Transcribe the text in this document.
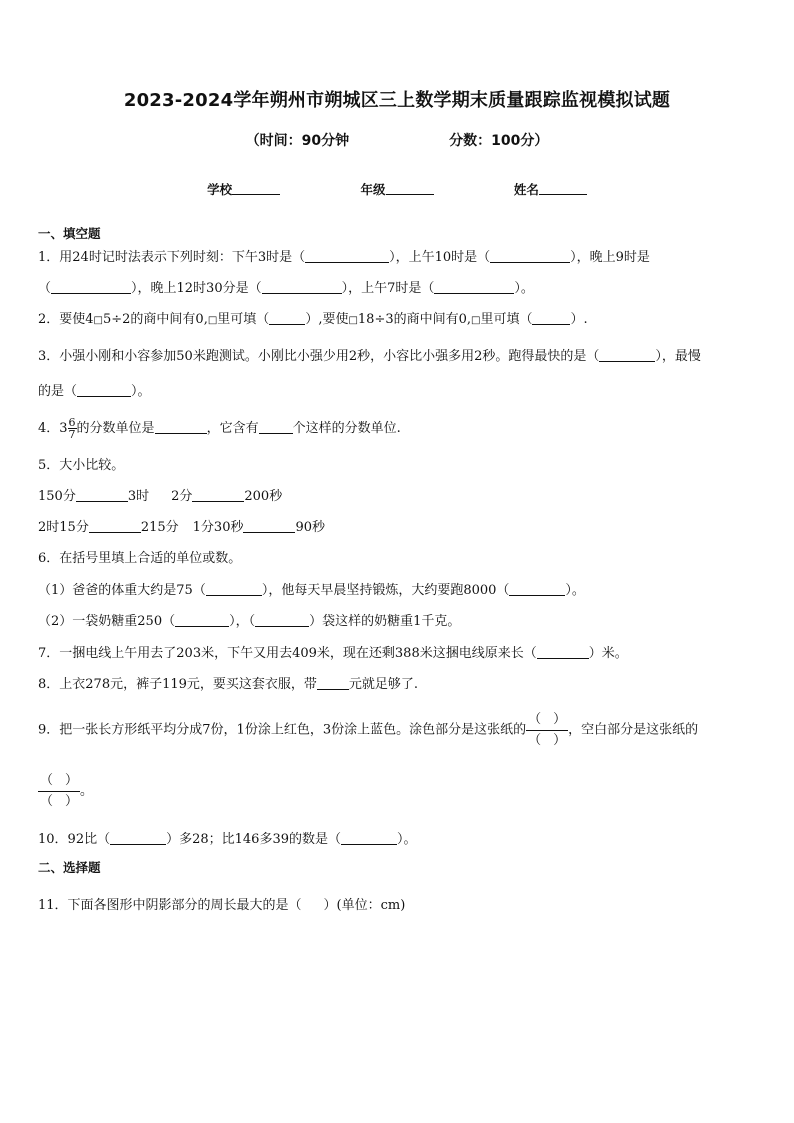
2023-2024学年朔州市朔城区三上数学期末质量跟踪监视模拟试题
（时间：90分钟	分数：100分）
学校	年级	姓名
一、填空题
1．用24时记时法表示下列时刻：下午3时是（	），上午10时是（	），晚上9时是
（	），晚上12时30分是（	），上午7时是（	）。
2．要使4□5÷2的商中间有0,□里可填（	）,要使□18÷3的商中间有0,□里可填（	）.
3．小强小刚和小容参加50米跑测试。小刚比小强少用2秒，小容比小强多用2秒。跑得最快的是（	），最慢
的是（	）。
4．$3 \frac{6}{7}$ 的分数单位是	，它含有	个这样的分数单位.
5．大小比较。
150分	3时 2分	200秒
2时15分	215分 1分30秒	90秒
6．在括号里填上合适的单位或数。
（1）爸爸的体重大约是75（	），他每天早晨坚持锻炼，大约要跑8000（	）。
（2）一袋奶糖重250（	），（	）袋这样的奶糖重1千克。
7．一捆电线上午用去了203米，下午又用去409米，现在还剩388米这捆电线原来长（	）米。
8．上衣278元，裤子119元，要买这套衣服，带 元就足够了.
9．把一张长方形纸平均分成7份，1份涂上红色，3份涂上蓝色。涂色部分是这张纸的 $\frac{( )}{( )}$ ，空白部分是这张纸的
$\frac{( )}{( )}$ 。
10．92比（	）多28；比146多39的数是（	）。
二、选择题
11．下面各图形中阴影部分的周长最大的是（ ）(单位：cm)
